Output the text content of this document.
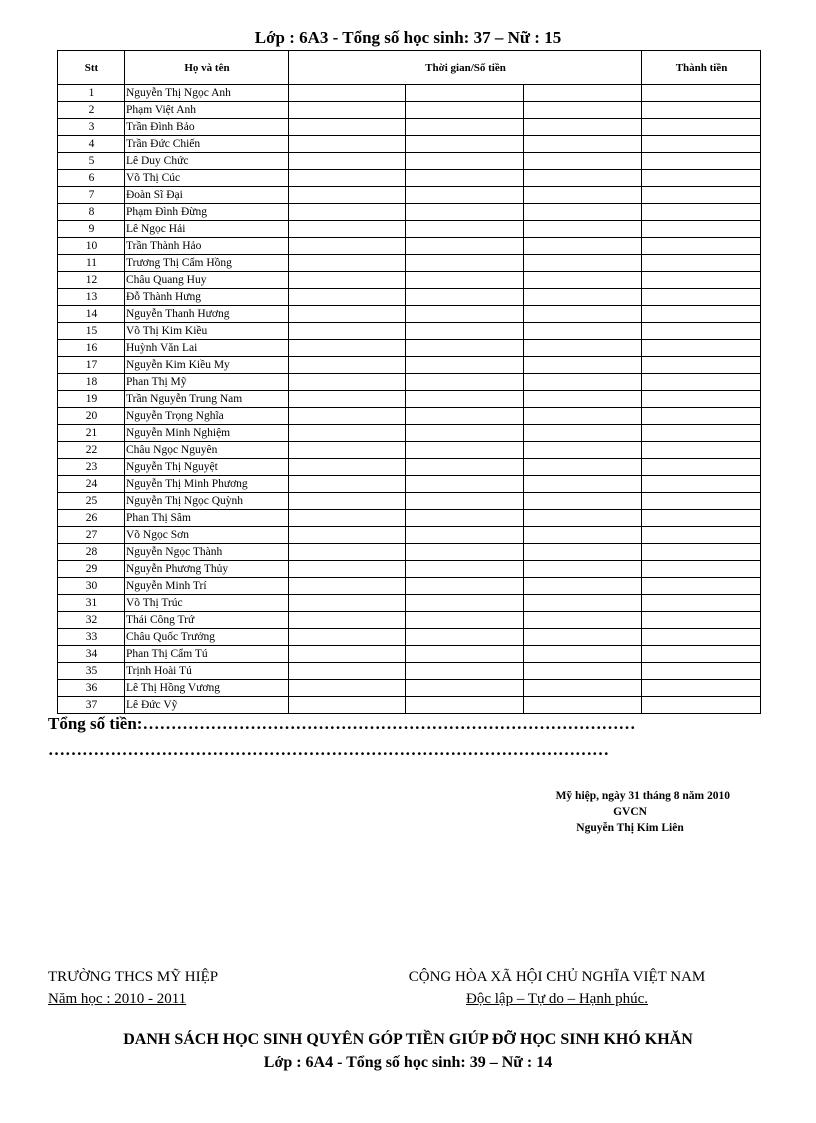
Lớp : 6A3 - Tổng số học sinh: 37 – Nữ : 15
Stt	Họ và tên	Thời gian/Số tiền			Thành tiền
1	Nguyễn Thị Ngọc Anh				
2	Phạm Việt Anh				
3	Trần Đình Bảo				
4	Trần Đức Chiến				
5	Lê Duy Chức				
6	Võ Thị Cúc				
7	Đoàn Sĩ Đại				
8	Phạm Đình Đừng				
9	Lê Ngọc Hải				
10	Trần Thành Hảo				
11	Trương Thị Cẩm Hồng				
12	Châu Quang Huy				
13	Đỗ Thành Hưng				
14	Nguyễn Thanh Hương				
15	Võ Thị Kim Kiều				
16	Huỳnh Văn Lai				
17	Nguyễn Kim Kiều My				
18	Phan Thị Mỹ				
19	Trần Nguyễn Trung Nam				
20	Nguyễn Trọng Nghĩa				
21	Nguyễn Minh Nghiệm				
22	Châu Ngọc Nguyên				
23	Nguyễn Thị Nguyệt				
24	Nguyễn Thị Minh Phương				
25	Nguyễn Thị Ngọc Quỳnh				
26	Phan Thị Sâm				
27	Võ Ngọc Sơn				
28	Nguyễn Ngọc Thành				
29	Nguyễn Phương Thủy				
30	Nguyễn Minh Trí				
31	Võ Thị Trúc				
32	Thái Công Trứ				
33	Châu Quốc Trưởng				
34	Phan Thị Cẩm Tú				
35	Trịnh Hoài Tú				
36	Lê Thị Hồng Vương				
37	Lê Đức Vỹ				
Tổng số tiền:……………………………………………………………………………
………………………………………………………………………………………
Mỹ hiệp, ngày 31 tháng 8 năm 2010
GVCN
Nguyễn Thị Kim Liên
TRƯỜNG THCS MỸ HIỆP
Năm học : 2010 - 2011
CỘNG HÒA XÃ HỘI CHỦ NGHĨA VIỆT NAM
Độc lập – Tự do – Hạnh phúc.
DANH SÁCH HỌC SINH QUYÊN GÓP TIỀN GIÚP ĐỠ HỌC SINH KHÓ KHĂN
Lớp : 6A4 - Tổng số học sinh: 39 – Nữ : 14
